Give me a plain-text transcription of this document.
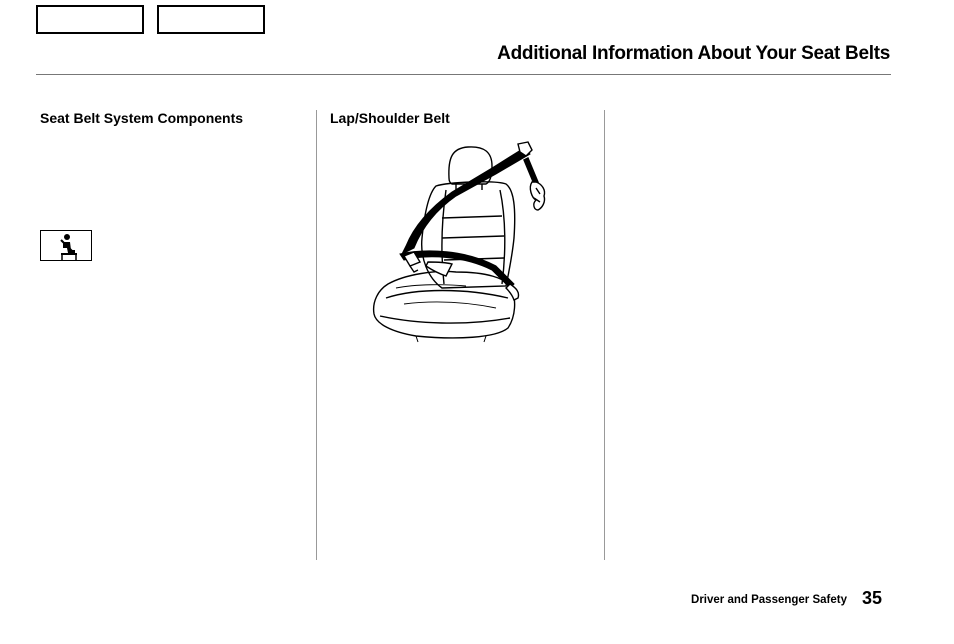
Additional Information About Your Seat Belts
Seat Belt System Components	Lap/Shoulder Belt
Driver and Passenger Safety 35
